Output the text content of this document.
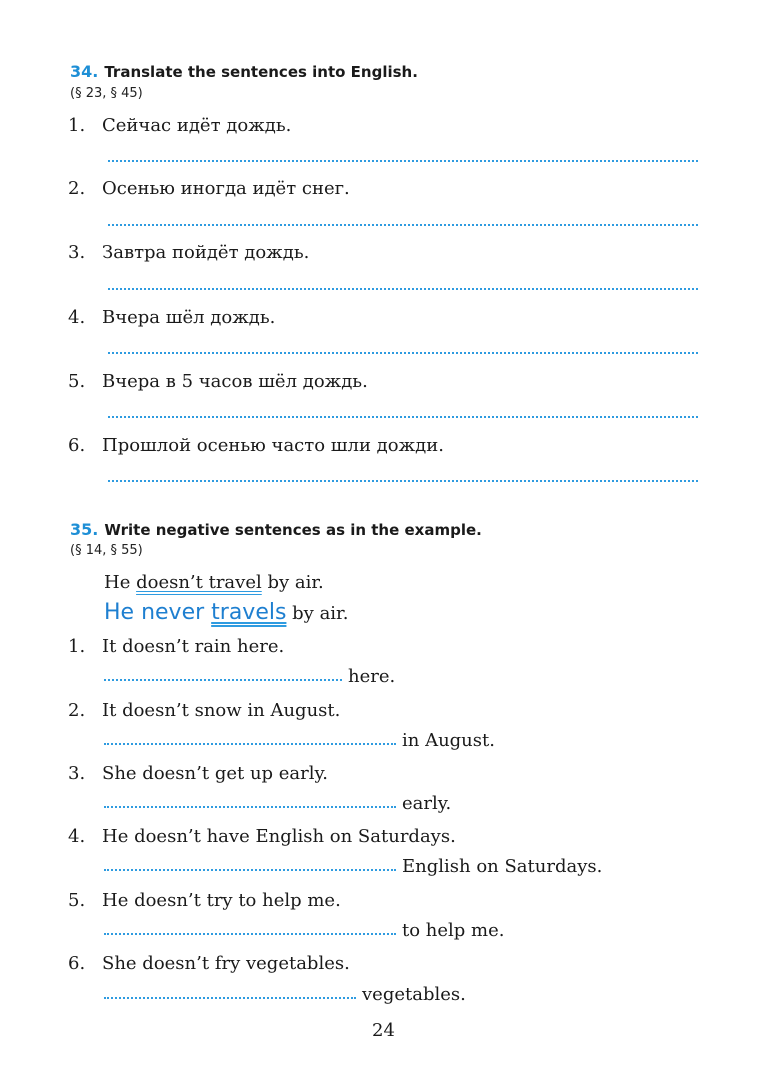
34. Translate the sentences into English.
(§ 23, § 45)
1. Сейчас идёт дождь.
2. Осенью иногда идёт снег.
3. Завтра пойдёт дождь.
4. Вчера шёл дождь.
5. Вчера в 5 часов шёл дождь.
6. Прошлой осенью часто шли дожди.
35. Write negative sentences as in the example.
(§ 14, § 55)
He doesn’t travel by air.
He never travels by air.
1. It doesn’t rain here.
here.
2. It doesn’t snow in August.
in August.
3. She doesn’t get up early.
early.
4. He doesn’t have English on Saturdays.
English on Saturdays.
5. He doesn’t try to help me.
to help me.
6. She doesn’t fry vegetables.
vegetables.
24
